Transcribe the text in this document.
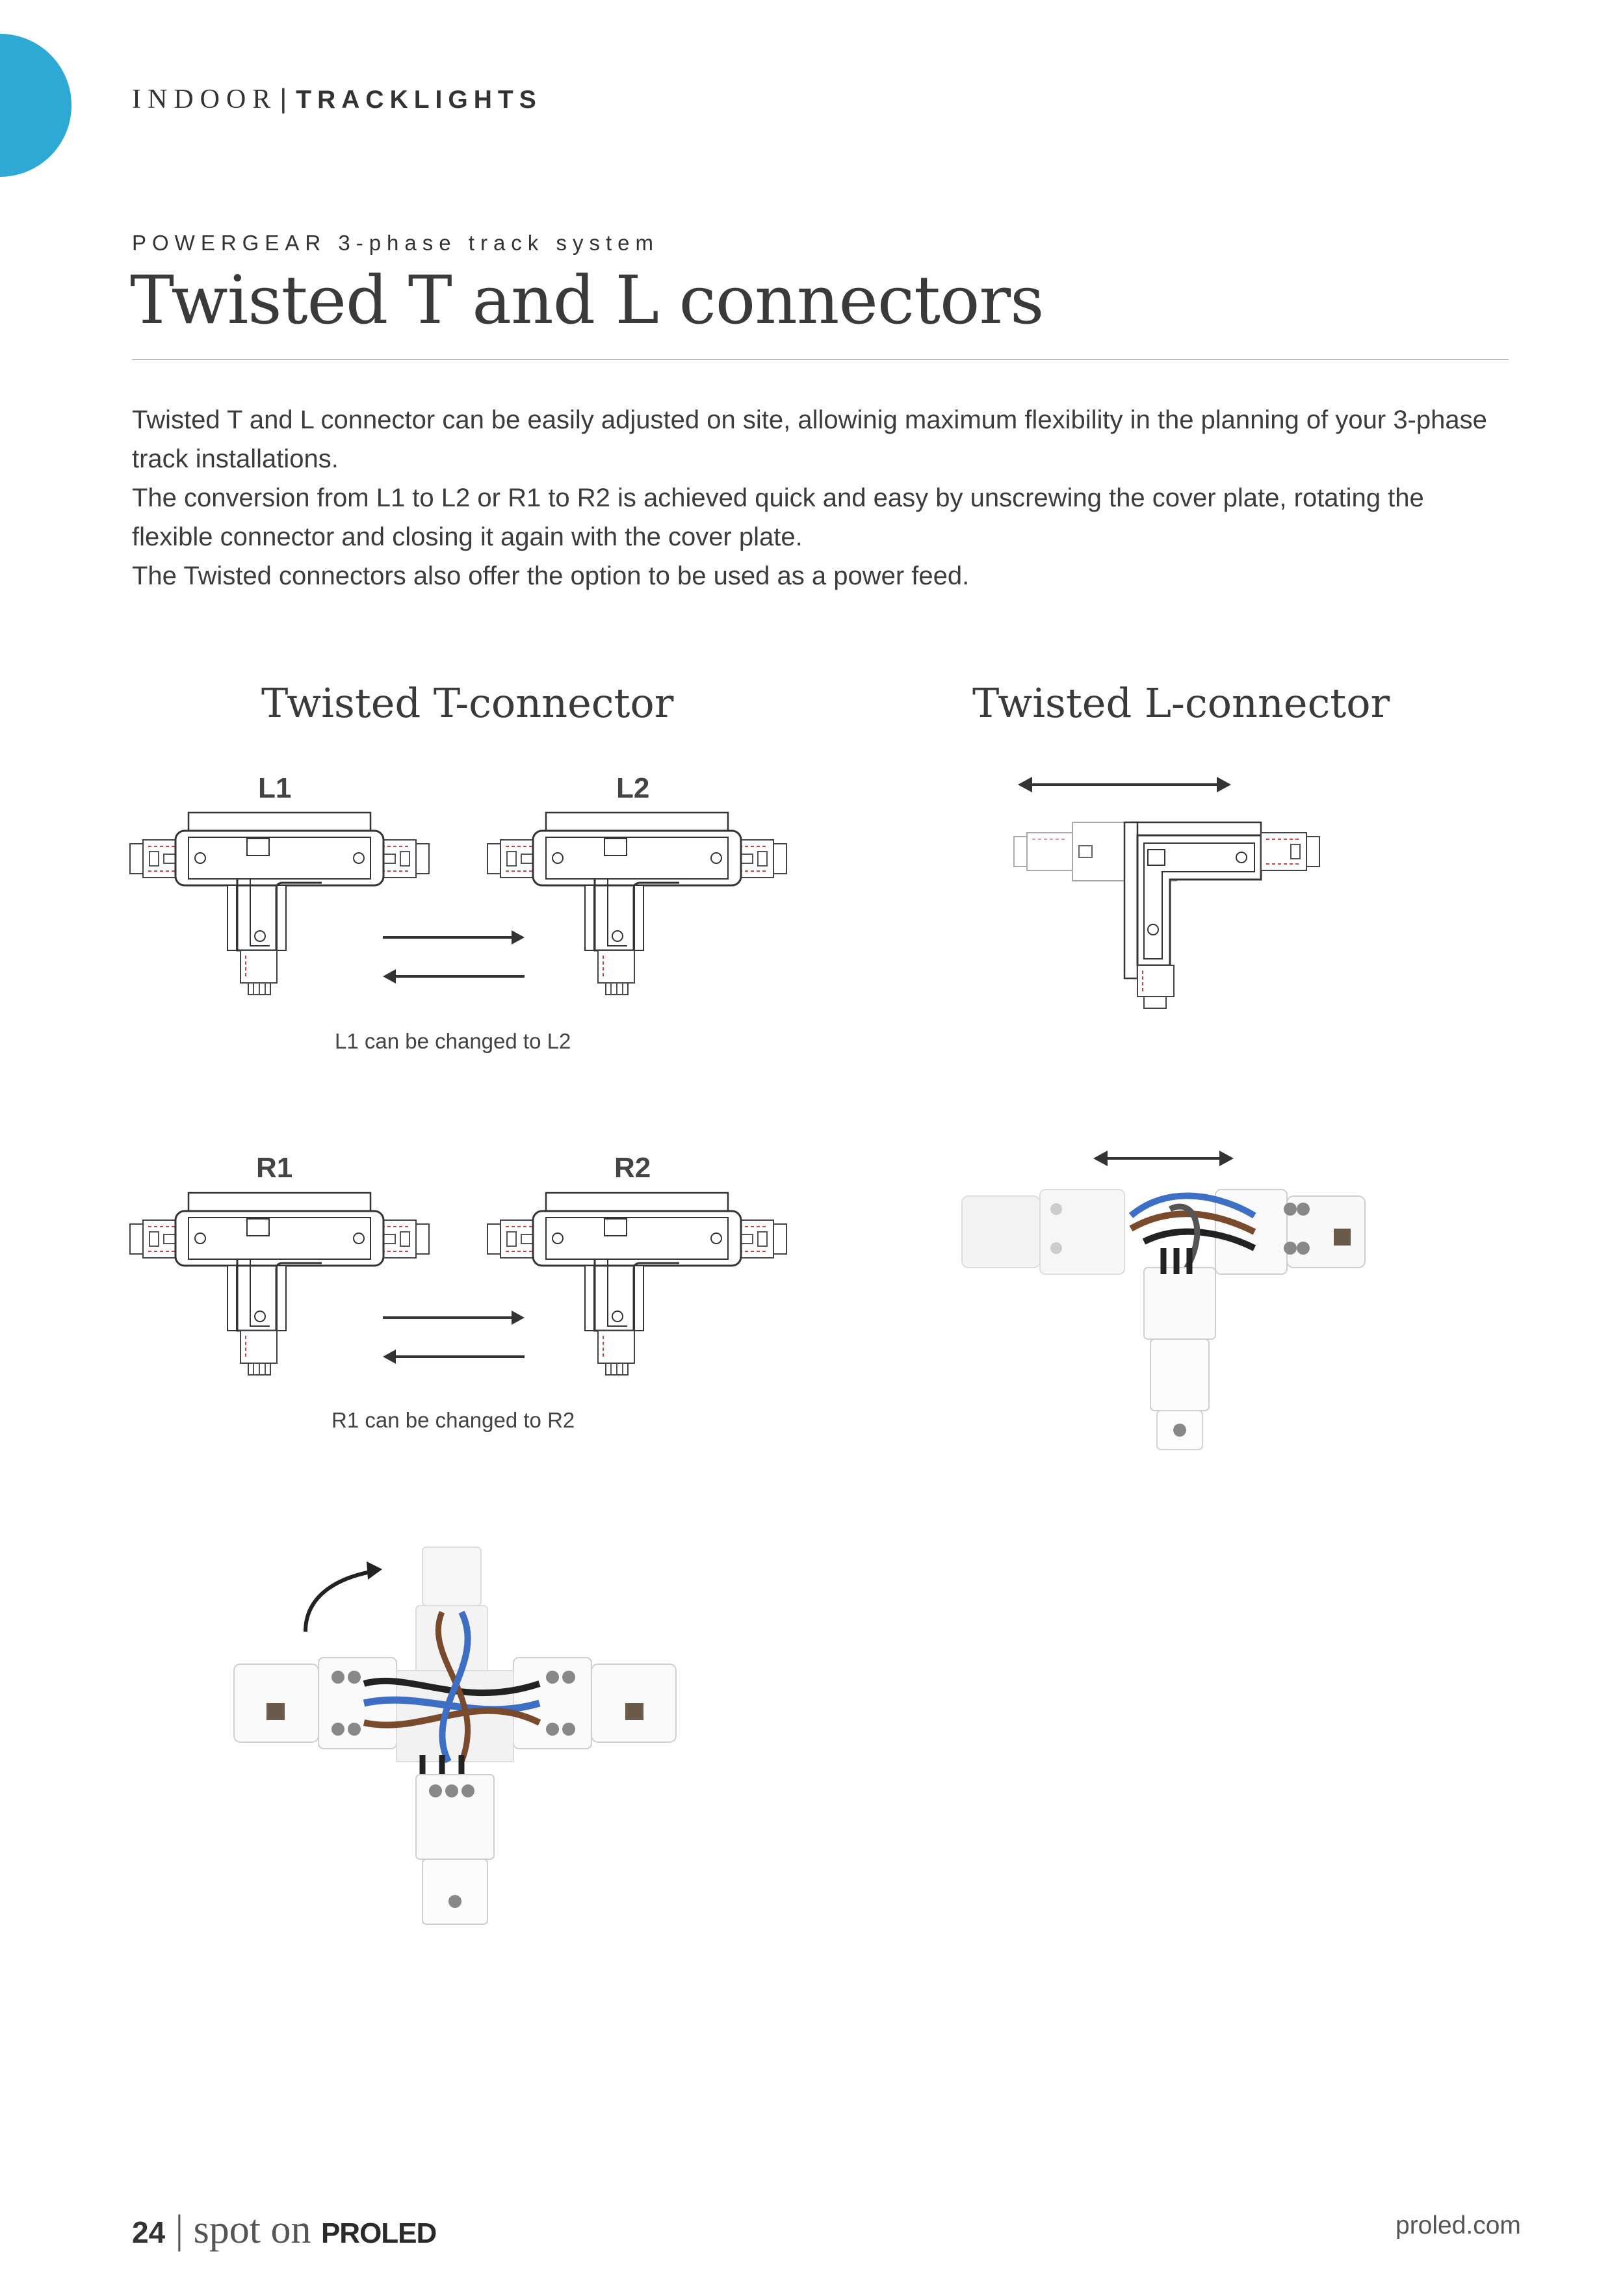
INDOOR| TRACKLIGHTS
POWERGEAR 3-phase track system
Twisted T and L connectors

Twisted T and L connector can be easily adjusted on site, allowinig maximum flexibility in the planning of your 3-phase track installations.

The conversion from L1 to L2 or R1 to R2 is achieved quick and easy by unscrewing the cover plate, rotating the flexible connector and closing it again with the cover plate.

The Twisted connectors also offer the option to be used as a power feed.

Twisted T-connector	Twisted L-connector
L1	L2
R1	R2
L1 can be changed to L2
R1 can be changed to R2
24 | spot on PROLED	proled.com
